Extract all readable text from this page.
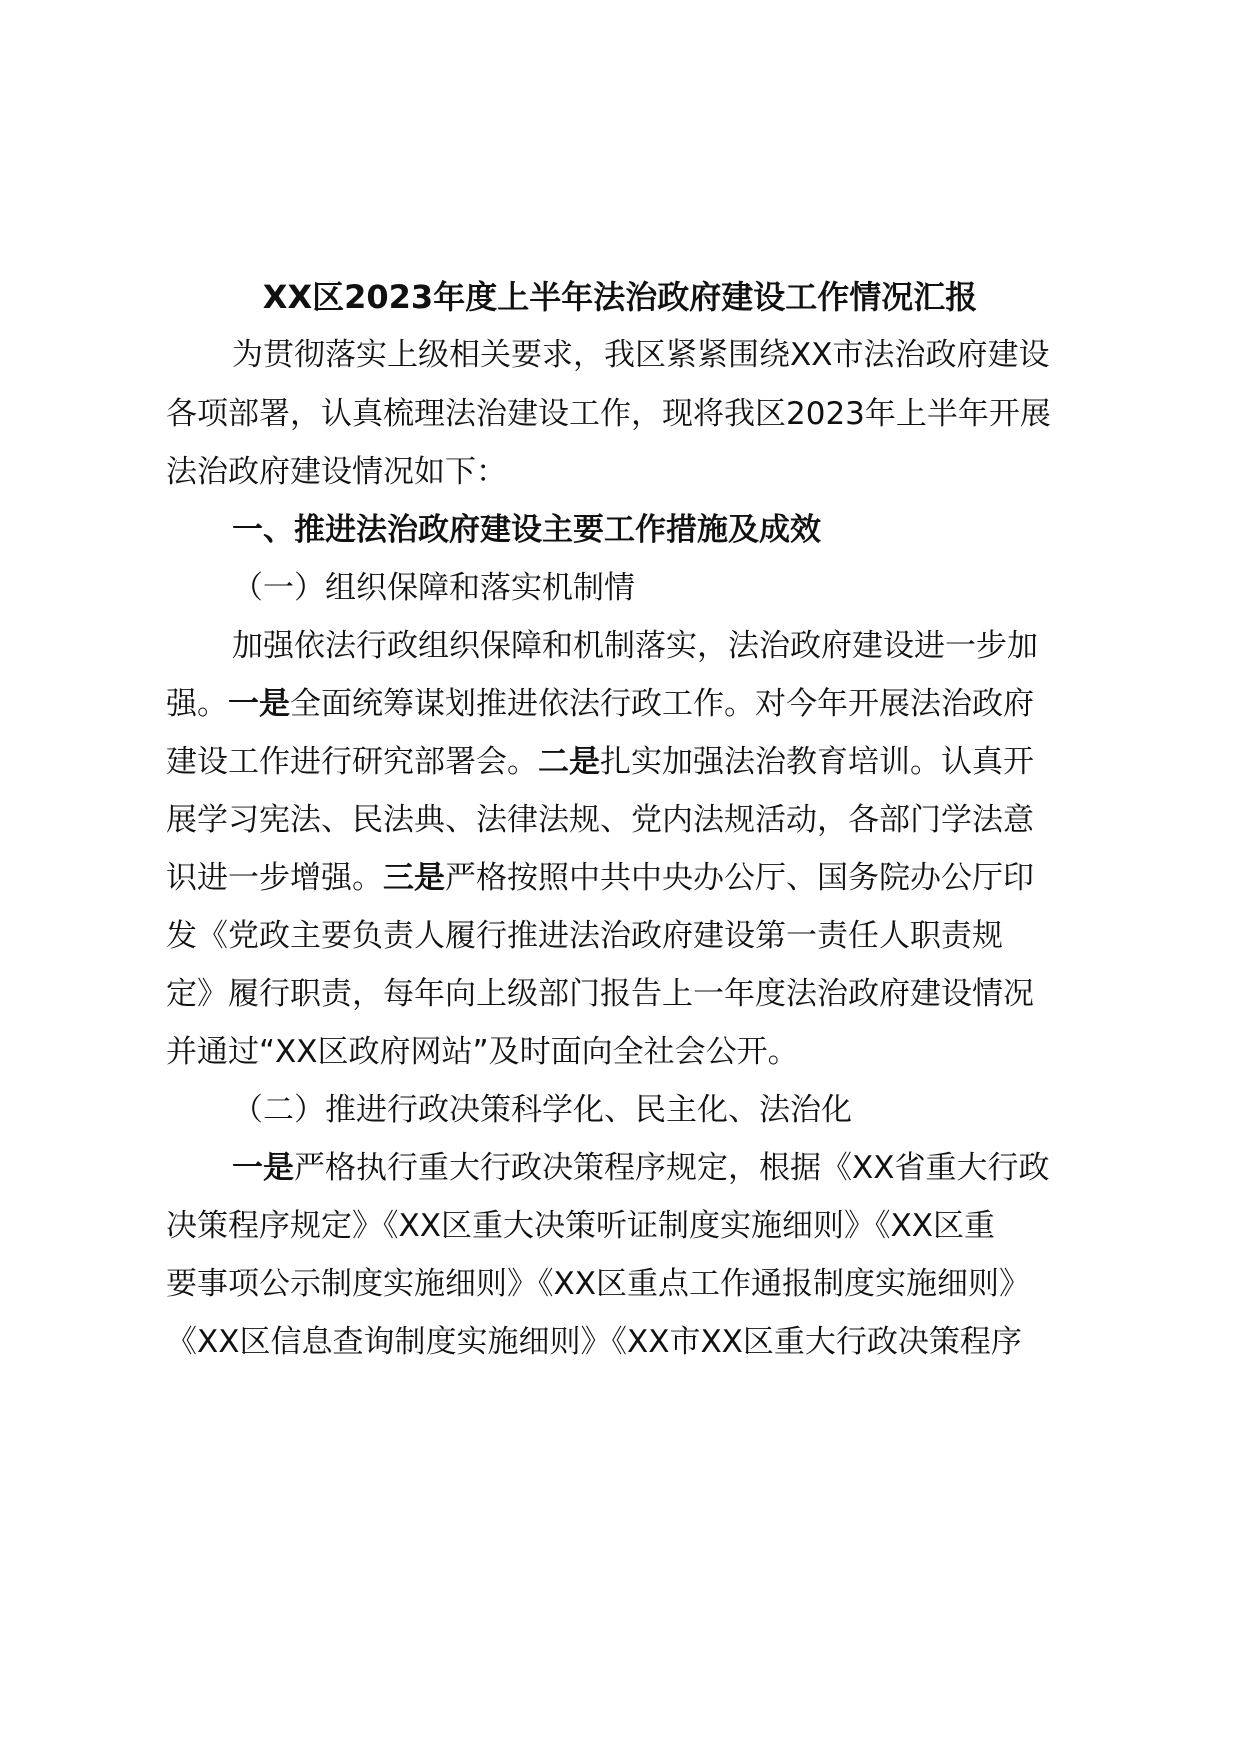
XX区2023年度上半年法治政府建设工作情况汇报
为贯彻落实上级相关要求，我区紧紧围绕XX市法治政府建设
各项部署，认真梳理法治建设工作，现将我区2023年上半年开展
法治政府建设情况如下：
一、推进法治政府建设主要工作措施及成效
（一）组织保障和落实机制情
加强依法行政组织保障和机制落实，法治政府建设进一步加
强。一是全面统筹谋划推进依法行政工作。对今年开展法治政府
建设工作进行研究部署会。二是扎实加强法治教育培训。认真开
展学习宪法、民法典、法律法规、党内法规活动，各部门学法意
识进一步增强。三是严格按照中共中央办公厅、国务院办公厅印
发《党政主要负责人履行推进法治政府建设第一责任人职责规
定》履行职责，每年向上级部门报告上一年度法治政府建设情况
并通过“XX区政府网站”及时面向全社会公开。
（二）推进行政决策科学化、民主化、法治化
一是严格执行重大行政决策程序规定，根据《XX省重大行政
决策程序规定》《XX区重大决策听证制度实施细则》《XX区重
要事项公示制度实施细则》《XX区重点工作通报制度实施细则》
《XX区信息查询制度实施细则》《XX市XX区重大行政决策程序
